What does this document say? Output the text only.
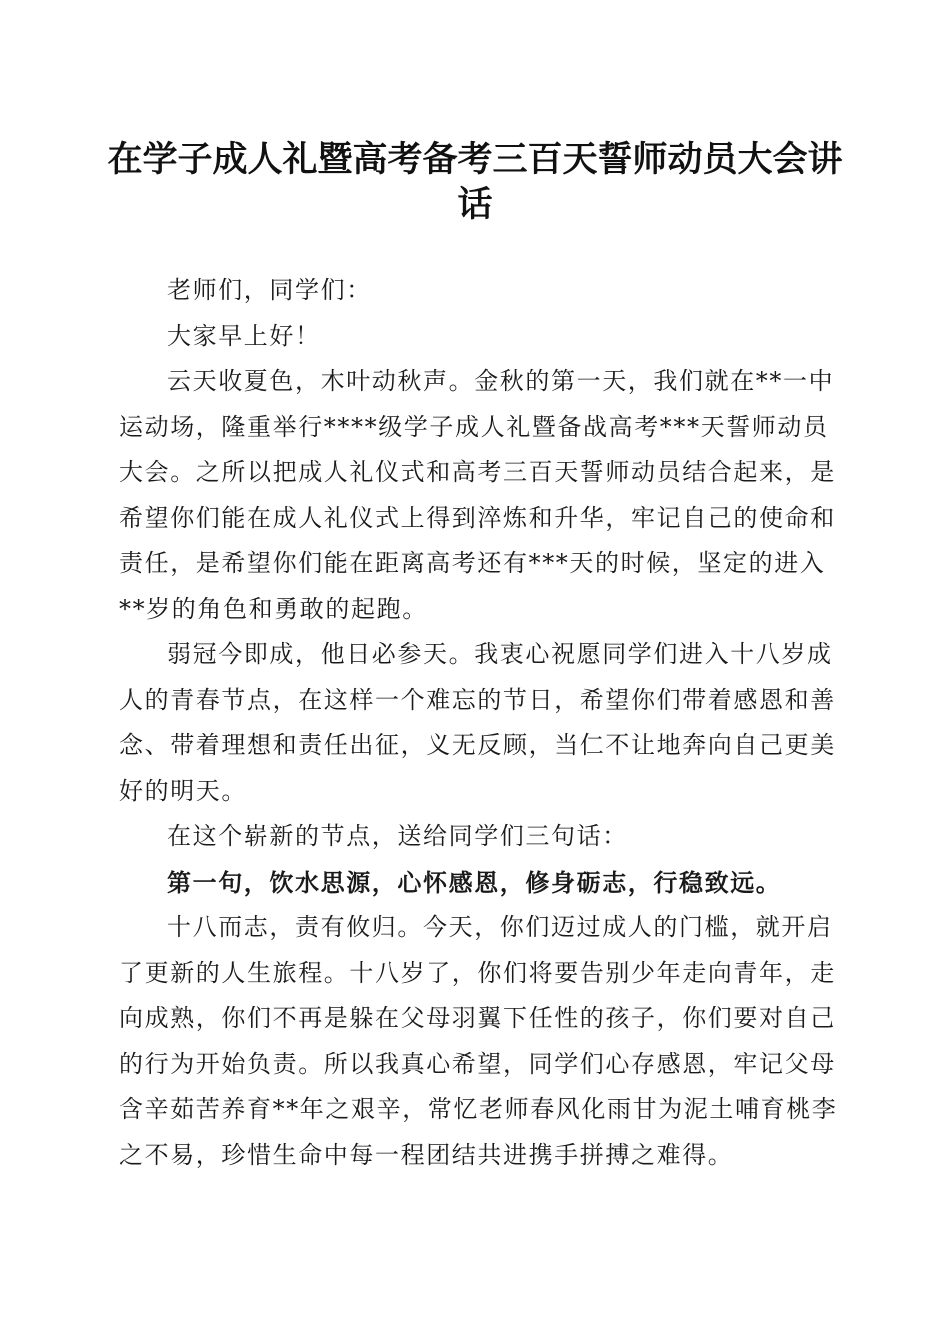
在学子成人礼暨高考备考三百天誓师动员大会讲话

老师们，同学们：

大家早上好！

云天收夏色，木叶动秋声。金秋的第一天，我们就在**一中运动场，隆重举行****级学子成人礼暨备战高考***天誓师动员大会。之所以把成人礼仪式和高考三百天誓师动员结合起来，是希望你们能在成人礼仪式上得到淬炼和升华，牢记自己的使命和责任，是希望你们能在距离高考还有***天的时候，坚定的进入**岁的角色和勇敢的起跑。

弱冠今即成，他日必参天。我衷心祝愿同学们进入十八岁成人的青春节点，在这样一个难忘的节日，希望你们带着感恩和善念、带着理想和责任出征，义无反顾，当仁不让地奔向自己更美好的明天。

在这个崭新的节点，送给同学们三句话：

第一句，饮水思源，心怀感恩，修身砺志，行稳致远。

十八而志，责有攸归。今天，你们迈过成人的门槛，就开启了更新的人生旅程。十八岁了，你们将要告别少年走向青年，走向成熟，你们不再是躲在父母羽翼下任性的孩子，你们要对自己的行为开始负责。所以我真心希望，同学们心存感恩，牢记父母含辛茹苦养育**年之艰辛，常忆老师春风化雨甘为泥土哺育桃李之不易，珍惜生命中每一程团结共进携手拼搏之难得。
